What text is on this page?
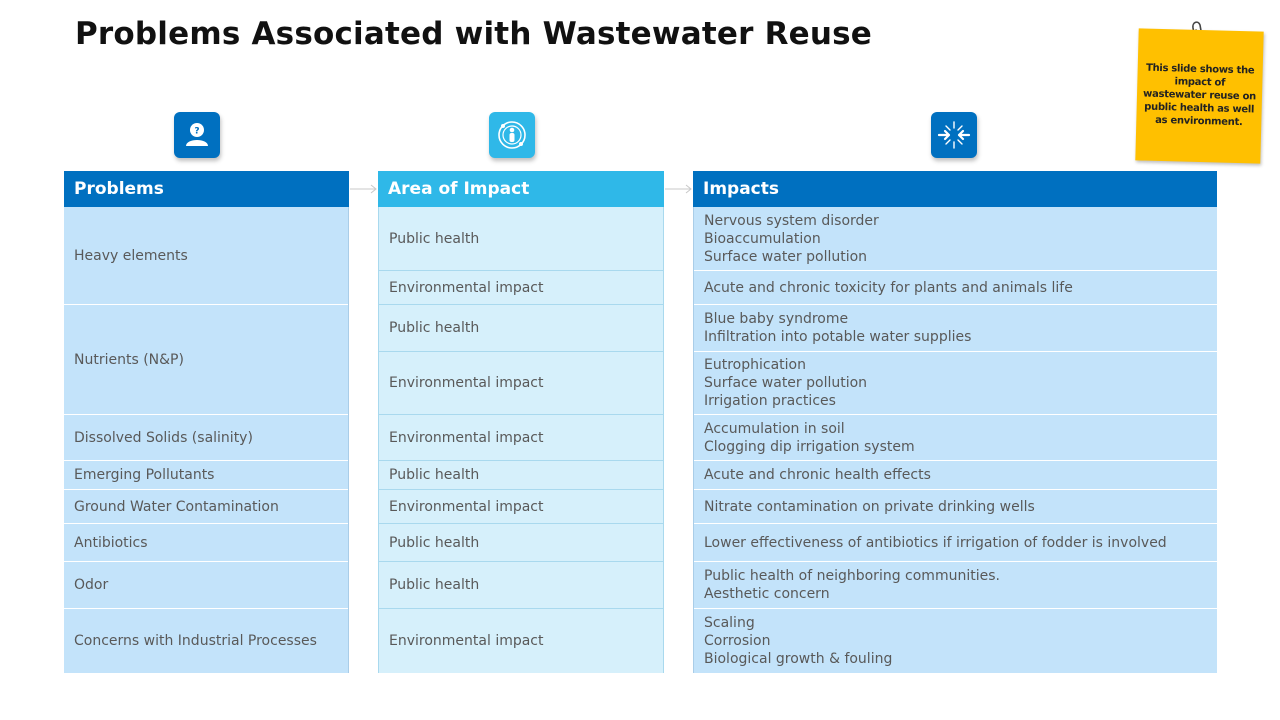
Problems Associated with Wastewater Reuse
This slide shows the impact of wastewater reuse on public health as well as environment.
?
Problems
Heavy elements
Nutrients (N&P)
Dissolved Solids (salinity)
Emerging Pollutants
Ground Water Contamination
Antibiotics
Odor
Concerns with Industrial Processes
Area of Impact
Public health
Environmental impact
Public health
Environmental impact
Environmental impact
Public health
Environmental impact
Public health
Public health
Environmental impact
Impacts
Nervous system disorder
Bioaccumulation
Surface water pollution
Acute and chronic toxicity for plants and animals life
Blue baby syndrome
Infiltration into potable water supplies
Eutrophication
Surface water pollution
Irrigation practices
Accumulation in soil
Clogging dip irrigation system
Acute and chronic health effects
Nitrate contamination on private drinking wells
Lower effectiveness of antibiotics if irrigation of fodder is involved
Public health of neighboring communities.
Aesthetic concern
Scaling
Corrosion
Biological growth & fouling
